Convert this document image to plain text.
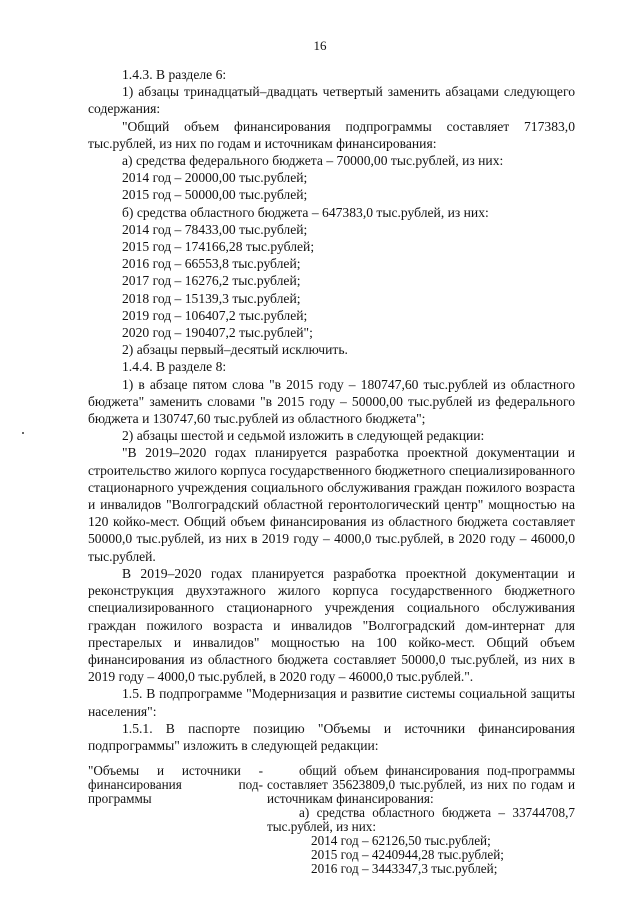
16

1.4.3. В разделе 6:

1) абзацы тринадцатый–двадцать четвертый заменить абзацами следующего содержания:

"Общий объем финансирования подпрограммы составляет 717383,0 тыс.рублей, из них по годам и источникам финансирования:

а) средства федерального бюджета – 70000,00 тыс.рублей, из них:

2014 год – 20000,00 тыс.рублей;

2015 год – 50000,00 тыс.рублей;

б) средства областного бюджета – 647383,0 тыс.рублей, из них:

2014 год – 78433,00 тыс.рублей;

2015 год – 174166,28 тыс.рублей;

2016 год – 66553,8 тыс.рублей;

2017 год – 16276,2 тыс.рублей;

2018 год – 15139,3 тыс.рублей;

2019 год – 106407,2 тыс.рублей;

2020 год – 190407,2 тыс.рублей";

2) абзацы первый–десятый исключить.

1.4.4. В разделе 8:

1) в абзаце пятом слова "в 2015 году – 180747,60 тыс.рублей из областного бюджета" заменить словами "в 2015 году – 50000,00 тыс.рублей из федерального бюджета и 130747,60 тыс.рублей из областного бюджета";

2) абзацы шестой и седьмой изложить в следующей редакции:

"В 2019–2020 годах планируется разработка проектной документации и строительство жилого корпуса государственного бюджетного специализированного стационарного учреждения социального обслуживания граждан пожилого возраста и инвалидов "Волгоградский областной геронтологический центр" мощностью на 120 койко-мест. Общий объем финансирования из областного бюджета составляет 50000,0 тыс.рублей, из них в 2019 году – 4000,0 тыс.рублей, в 2020 году – 46000,0 тыс.рублей.

В 2019–2020 годах планируется разработка проектной документации и реконструкция двухэтажного жилого корпуса государственного бюджетного специализированного стационарного учреждения социального обслуживания граждан пожилого возраста и инвалидов "Волгоградский дом-интернат для престарелых и инвалидов" мощностью на 100 койко-мест. Общий объем финансирования из областного бюджета составляет 50000,0 тыс.рублей, из них в 2019 году – 4000,0 тыс.рублей, в 2020 году – 46000,0 тыс.рублей.".

1.5. В подпрограмме "Модернизация и развитие системы социальной защиты населения":

1.5.1. В паспорте позицию "Объемы и источники финансирования подпрограммы" изложить в следующей редакции:

"Объемы и источники - финансирования под-программы

общий объем финансирования под-программы составляет 35623809,0 тыс.рублей, из них по годам и источникам финансирования:

а) средства областного бюджета – 33744708,7 тыс.рублей, из них:

2014 год – 62126,50 тыс.рублей;

2015 год – 4240944,28 тыс.рублей;

2016 год – 3443347,3 тыс.рублей;
